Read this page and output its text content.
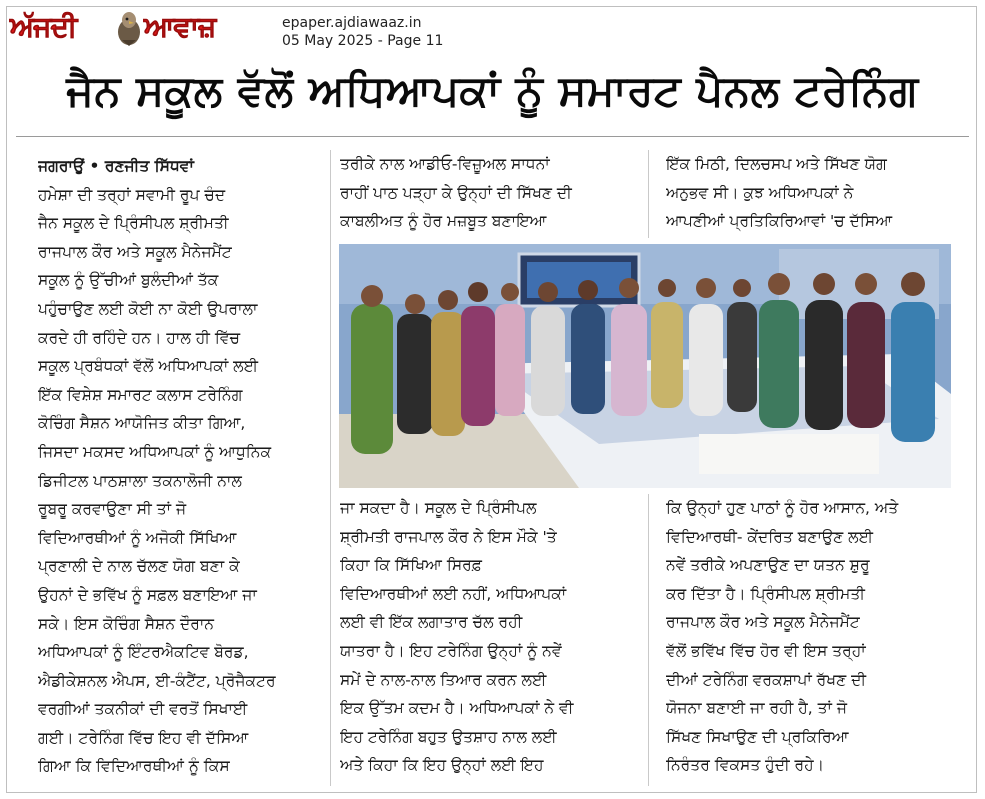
ਅੱਜਦੀ ਆਵਾਜ਼	epaper.ajdiawaaz.in
05 May 2025 - Page 11
ਜੈਨ ਸਕੂਲ ਵੱਲੋਂ ਅਧਿਆਪਕਾਂ ਨੂੰ ਸਮਾਰਟ ਪੈਨਲ ਟਰੇਨਿੰਗ
ਜਗਰਾਉਂ • ਰਣਜੀਤ ਸਿੱਧਵਾਂ
ਹਮੇਸ਼ਾ ਦੀ ਤਰ੍ਹਾਂ ਸਵਾਮੀ ਰੂਪ ਚੰਦ
ਜੈਨ ਸਕੂਲ ਦੇ ਪ੍ਰਿੰਸੀਪਲ ਸ਼੍ਰੀਮਤੀ
ਰਾਜਪਾਲ ਕੌਰ ਅਤੇ ਸਕੂਲ ਮੈਨੇਜਮੈਂਟ
ਸਕੂਲ ਨੂੰ ਉੱਚੀਆਂ ਬੁਲੰਦੀਆਂ ਤੱਕ
ਪਹੁੰਚਾਉਣ ਲਈ ਕੋਈ ਨਾ ਕੋਈ ਉਪਰਾਲਾ
ਕਰਦੇ ਹੀ ਰਹਿੰਦੇ ਹਨ। ਹਾਲ ਹੀ ਵਿੱਚ
ਸਕੂਲ ਪ੍ਰਬੰਧਕਾਂ ਵੱਲੋਂ ਅਧਿਆਪਕਾਂ ਲਈ
ਇੱਕ ਵਿਸ਼ੇਸ਼ ਸਮਾਰਟ ਕਲਾਸ ਟਰੇਨਿੰਗ
ਕੋਚਿੰਗ ਸੈਸ਼ਨ ਆਯੋਜਿਤ ਕੀਤਾ ਗਿਆ,
ਜਿਸਦਾ ਮਕਸਦ ਅਧਿਆਪਕਾਂ ਨੂੰ ਆਧੁਨਿਕ
ਡਿਜੀਟਲ ਪਾਠਸ਼ਾਲਾ ਤਕਨਾਲੋਜੀ ਨਾਲ
ਰੂਬਰੂ ਕਰਵਾਉਣਾ ਸੀ ਤਾਂ ਜੋ
ਵਿਦਿਆਰਥੀਆਂ ਨੂੰ ਅਜੋਕੀ ਸਿੱਖਿਆ
ਪ੍ਰਣਾਲੀ ਦੇ ਨਾਲ ਚੱਲਣ ਯੋਗ ਬਣਾ ਕੇ
ਉਹਨਾਂ ਦੇ ਭਵਿੱਖ ਨੂੰ ਸਫ਼ਲ ਬਣਾਇਆ ਜਾ
ਸਕੇ। ਇਸ ਕੋਚਿੰਗ ਸੈਸ਼ਨ ਦੌਰਾਨ
ਅਧਿਆਪਕਾਂ ਨੂੰ ਇੰਟਰਐਕਟਿਵ ਬੋਰਡ,
ਐਡੀਕੇਸ਼ਨਲ ਐਪਸ, ਈ-ਕੰਟੈਂਟ, ਪ੍ਰੋਜੈਕਟਰ
ਵਰਗੀਆਂ ਤਕਨੀਕਾਂ ਦੀ ਵਰਤੋਂ ਸਿਖਾਈ
ਗਈ। ਟਰੇਨਿੰਗ ਵਿੱਚ ਇਹ ਵੀ ਦੱਸਿਆ
ਗਿਆ ਕਿ ਵਿਦਿਆਰਥੀਆਂ ਨੂੰ ਕਿਸ
ਤਰੀਕੇ ਨਾਲ ਆਡੀਓ-ਵਿਜ਼ੂਅਲ ਸਾਧਨਾਂ
ਰਾਹੀਂ ਪਾਠ ਪੜ੍ਹਾ ਕੇ ਉਨ੍ਹਾਂ ਦੀ ਸਿੱਖਣ ਦੀ
ਕਾਬਲੀਅਤ ਨੂੰ ਹੋਰ ਮਜ਼ਬੂਤ ਬਣਾਇਆ
ਇੱਕ ਮਿਠੀ, ਦਿਲਚਸਪ ਅਤੇ ਸਿੱਖਣ ਯੋਗ
ਅਨੁਭਵ ਸੀ। ਕੁਝ ਅਧਿਆਪਕਾਂ ਨੇ
ਆਪਣੀਆਂ ਪ੍ਰਤਿਕਿਰਿਆਵਾਂ 'ਚ ਦੱਸਿਆ
ਜਾ ਸਕਦਾ ਹੈ। ਸਕੂਲ ਦੇ ਪ੍ਰਿੰਸੀਪਲ
ਸ਼੍ਰੀਮਤੀ ਰਾਜਪਾਲ ਕੌਰ ਨੇ ਇਸ ਮੌਕੇ 'ਤੇ
ਕਿਹਾ ਕਿ ਸਿੱਖਿਆ ਸਿਰਫ਼
ਵਿਦਿਆਰਥੀਆਂ ਲਈ ਨਹੀਂ, ਅਧਿਆਪਕਾਂ
ਲਈ ਵੀ ਇੱਕ ਲਗਾਤਾਰ ਚੱਲ ਰਹੀ
ਯਾਤਰਾ ਹੈ। ਇਹ ਟਰੇਨਿੰਗ ਉਨ੍ਹਾਂ ਨੂੰ ਨਵੇਂ
ਸਮੇਂ ਦੇ ਨਾਲ-ਨਾਲ ਤਿਆਰ ਕਰਨ ਲਈ
ਇਕ ਉੱਤਮ ਕਦਮ ਹੈ। ਅਧਿਆਪਕਾਂ ਨੇ ਵੀ
ਇਹ ਟਰੇਨਿੰਗ ਬਹੁਤ ਉਤਸ਼ਾਹ ਨਾਲ ਲਈ
ਅਤੇ ਕਿਹਾ ਕਿ ਇਹ ਉਨ੍ਹਾਂ ਲਈ ਇਹ
ਕਿ ਉਨ੍ਹਾਂ ਹੁਣ ਪਾਠਾਂ ਨੂੰ ਹੋਰ ਆਸਾਨ, ਅਤੇ
ਵਿਦਿਆਰਥੀ- ਕੇਂਦਰਿਤ ਬਣਾਉਣ ਲਈ
ਨਵੇਂ ਤਰੀਕੇ ਅਪਣਾਉਣ ਦਾ ਯਤਨ ਸ਼ੁਰੂ
ਕਰ ਦਿੱਤਾ ਹੈ। ਪ੍ਰਿੰਸੀਪਲ ਸ਼੍ਰੀਮਤੀ
ਰਾਜਪਾਲ ਕੌਰ ਅਤੇ ਸਕੂਲ ਮੈਨੇਜਮੈਂਟ
ਵੱਲੋਂ ਭਵਿੱਖ ਵਿੱਚ ਹੋਰ ਵੀ ਇਸ ਤਰ੍ਹਾਂ
ਦੀਆਂ ਟਰੇਨਿੰਗ ਵਰਕਸ਼ਾਪਾਂ ਰੱਖਣ ਦੀ
ਯੋਜਨਾ ਬਣਾਈ ਜਾ ਰਹੀ ਹੈ, ਤਾਂ ਜੋ
ਸਿੱਖਣ ਸਿਖਾਉਣ ਦੀ ਪ੍ਰਕਿਰਿਆ
ਨਿਰੰਤਰ ਵਿਕਸਤ ਹੁੰਦੀ ਰਹੇ।
